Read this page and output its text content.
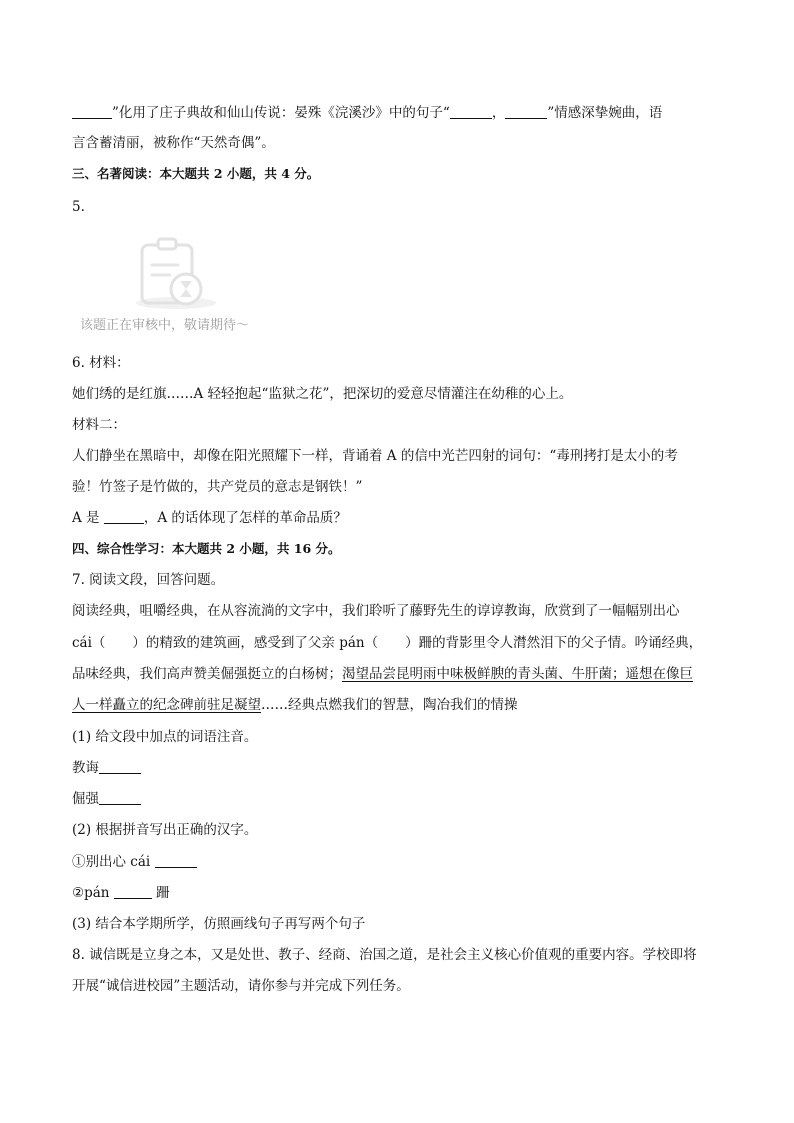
”化用了庄子典故和仙山传说：晏殊《浣溪沙》中的句子“	，	”情感深挚婉曲，语
言含蓄清丽，被称作“天然奇偶”。
三、名著阅读：本大题共 2 小题，共 4 分。
5.
该题正在审核中，敬请期待～
6. 材料：
她们绣的是红旗……A 轻轻抱起“监狱之花”，把深切的爱意尽情灌注在幼稚的心上。
材料二：
人们静坐在黑暗中，却像在阳光照耀下一样，背诵着 A 的信中光芒四射的词句：“毒刑拷打是太小的考
验！竹签子是竹做的，共产党员的意志是钢铁！”
A 是	，A 的话体现了怎样的革命品质？
四、综合性学习：本大题共 2 小题，共 16 分。
7. 阅读文段，回答问题。
阅读经典，咀嚼经典，在从容流淌的文字中，我们聆听了藤野先生的谆谆教诲，欣赏到了一幅幅别出心
cái（　　）的精致的建筑画，感受到了父亲 pán（　　）跚的背影里令人潸然泪下的父子情。吟诵经典，
品味经典，我们高声赞美倔强挺立的白杨树；渴望品尝昆明雨中味极鲜腴的青头菌、牛肝菌；遥想在像巨
人一样矗立的纪念碑前驻足凝望……经典点燃我们的智慧，陶冶我们的情操
(1) 给文段中加点的词语注音。
教诲
倔强
(2) 根据拼音写出正确的汉字。
①别出心 cái
②pán	跚
(3) 结合本学期所学，仿照画线句子再写两个句子
8. 诚信既是立身之本，又是处世、教子、经商、治国之道，是社会主义核心价值观的重要内容。学校即将
开展“诚信进校园”主题活动，请你参与并完成下列任务。
